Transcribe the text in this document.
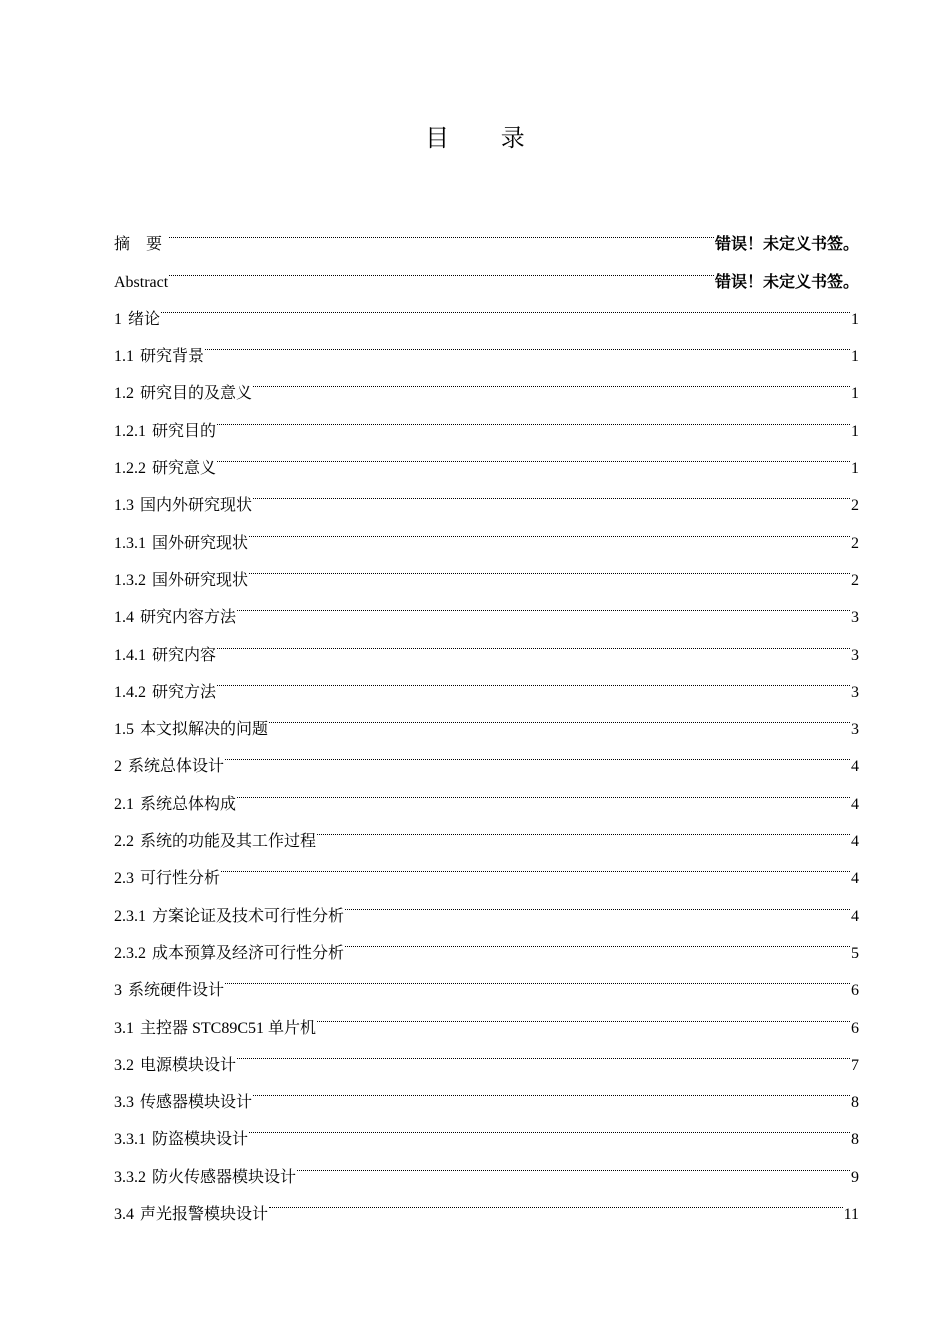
目 录
摘 要	错误！未定义书签。
Abstract	错误！未定义书签。
1 绪论	1
1.1 研究背景	1
1.2 研究目的及意义	1
1.2.1 研究目的	1
1.2.2 研究意义	1
1.3 国内外研究现状	2
1.3.1 国外研究现状	2
1.3.2 国外研究现状	2
1.4 研究内容方法	3
1.4.1 研究内容	3
1.4.2 研究方法	3
1.5 本文拟解决的问题	3
2 系统总体设计	4
2.1 系统总体构成	4
2.2 系统的功能及其工作过程	4
2.3 可行性分析	4
2.3.1 方案论证及技术可行性分析	4
2.3.2 成本预算及经济可行性分析	5
3 系统硬件设计	6
3.1 主控器 STC89C51 单片机	6
3.2 电源模块设计	7
3.3 传感器模块设计	8
3.3.1 防盗模块设计	8
3.3.2 防火传感器模块设计	9
3.4 声光报警模块设计	11
